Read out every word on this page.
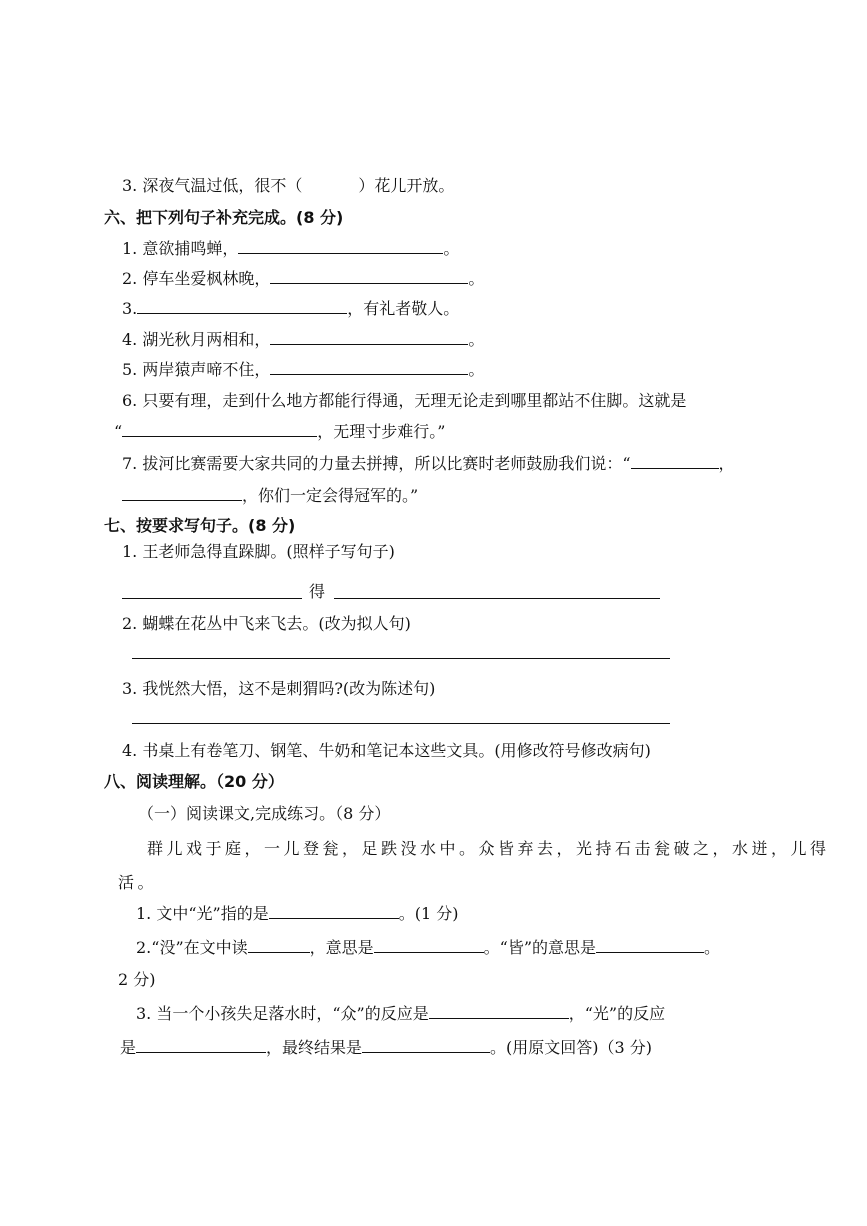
3. 深夜气温过低，很不（	）花儿开放。
六、把下列句子补充完成。(8 分)
1. 意欲捕鸣蝉，	。
2. 停车坐爱枫林晚，	。
3.	，有礼者敬人。
4. 湖光秋月两相和，	。
5. 两岸猿声啼不住，	。
6. 只要有理，走到什么地方都能行得通，无理无论走到哪里都站不住脚。这就是
“	，无理寸步难行。”
7. 拔河比赛需要大家共同的力量去拼搏，所以比赛时老师鼓励我们说：“	，
，你们一定会得冠军的。”
七、按要求写句子。(8 分)
1. 王老师急得直跺脚。(照样子写句子)
得
2. 蝴蝶在花丛中飞来飞去。(改为拟人句)
3. 我恍然大悟，这不是刺猬吗?(改为陈述句)
4. 书桌上有卷笔刀、钢笔、牛奶和笔记本这些文具。(用修改符号修改病句)
八、阅读理解。（20 分）
（一）阅读课文,完成练习。（8 分）
群儿戏于庭，一儿登瓮，足跌没水中。众皆弃去，光持石击瓮破之，水迸，儿得
活。
1. 文中“光”指的是	。(1 分)
2.“没”在文中读	，意思是	。“皆”的意思是	。
2 分)
3. 当一个小孩失足落水时，“众”的反应是	，“光”的反应
是	，最终结果是	。(用原文回答)（3 分)
